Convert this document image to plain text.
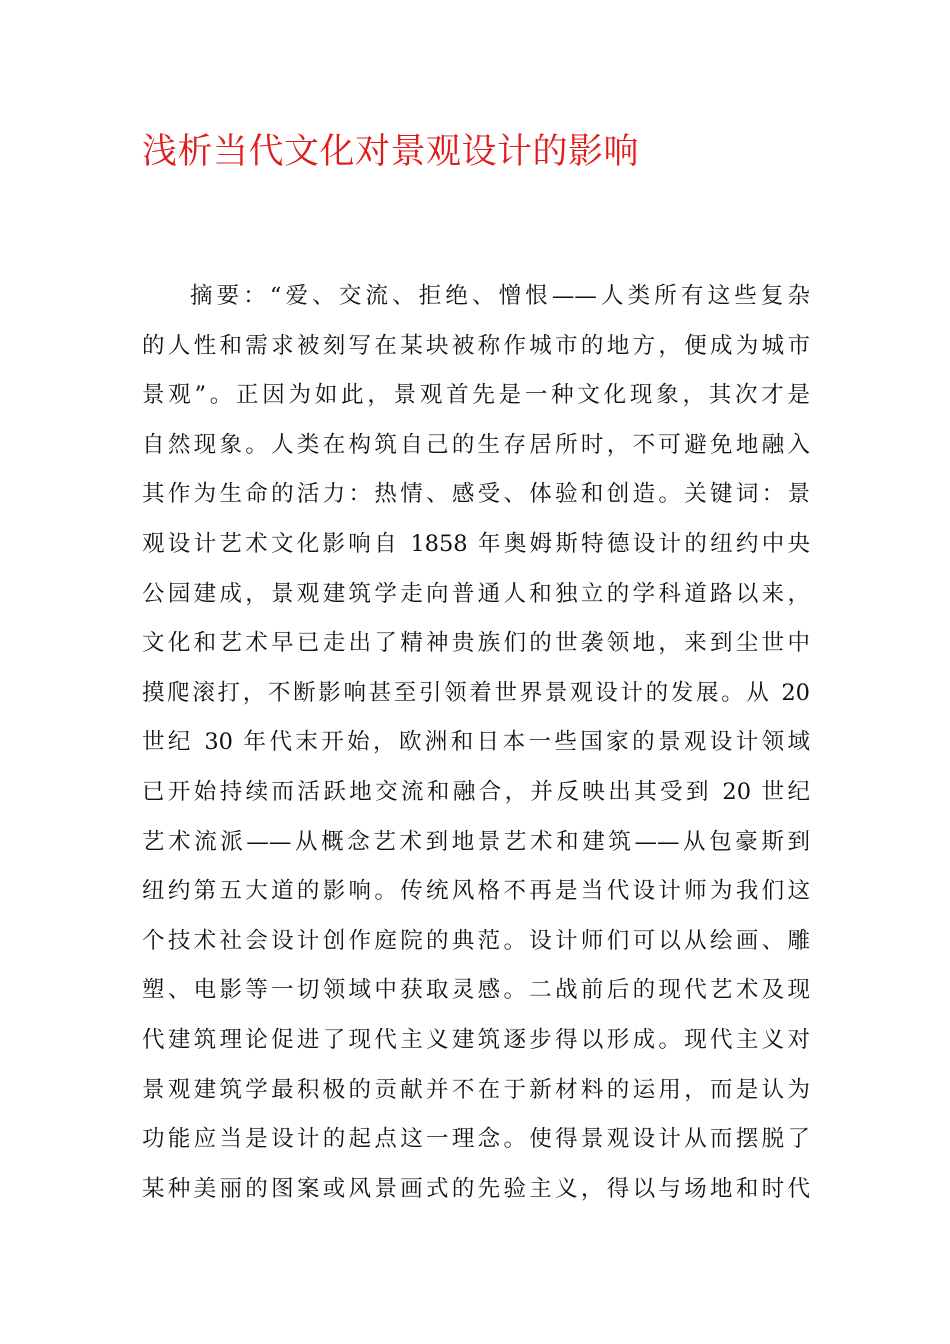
浅析当代文化对景观设计的影响
摘要：“爱、交流、拒绝、憎恨——人类所有这些复杂
的人性和需求被刻写在某块被称作城市的地方，便成为城市
景观”。正因为如此，景观首先是一种文化现象，其次才是
自然现象。人类在构筑自己的生存居所时，不可避免地融入
其作为生命的活力：热情、感受、体验和创造。关键词：景
观设计艺术文化影响自 1858 年奥姆斯特德设计的纽约中央
公园建成，景观建筑学走向普通人和独立的学科道路以来，
文化和艺术早已走出了精神贵族们的世袭领地，来到尘世中
摸爬滚打，不断影响甚至引领着世界景观设计的发展。从 20
世纪 30 年代末开始，欧洲和日本一些国家的景观设计领域
已开始持续而活跃地交流和融合，并反映出其受到 20 世纪
艺术流派——从概念艺术到地景艺术和建筑——从包豪斯到
纽约第五大道的影响。传统风格不再是当代设计师为我们这
个技术社会设计创作庭院的典范。设计师们可以从绘画、雕
塑、电影等一切领域中获取灵感。二战前后的现代艺术及现
代建筑理论促进了现代主义建筑逐步得以形成。现代主义对
景观建筑学最积极的贡献并不在于新材料的运用，而是认为
功能应当是设计的起点这一理念。使得景观设计从而摆脱了
某种美丽的图案或风景画式的先验主义，得以与场地和时代
